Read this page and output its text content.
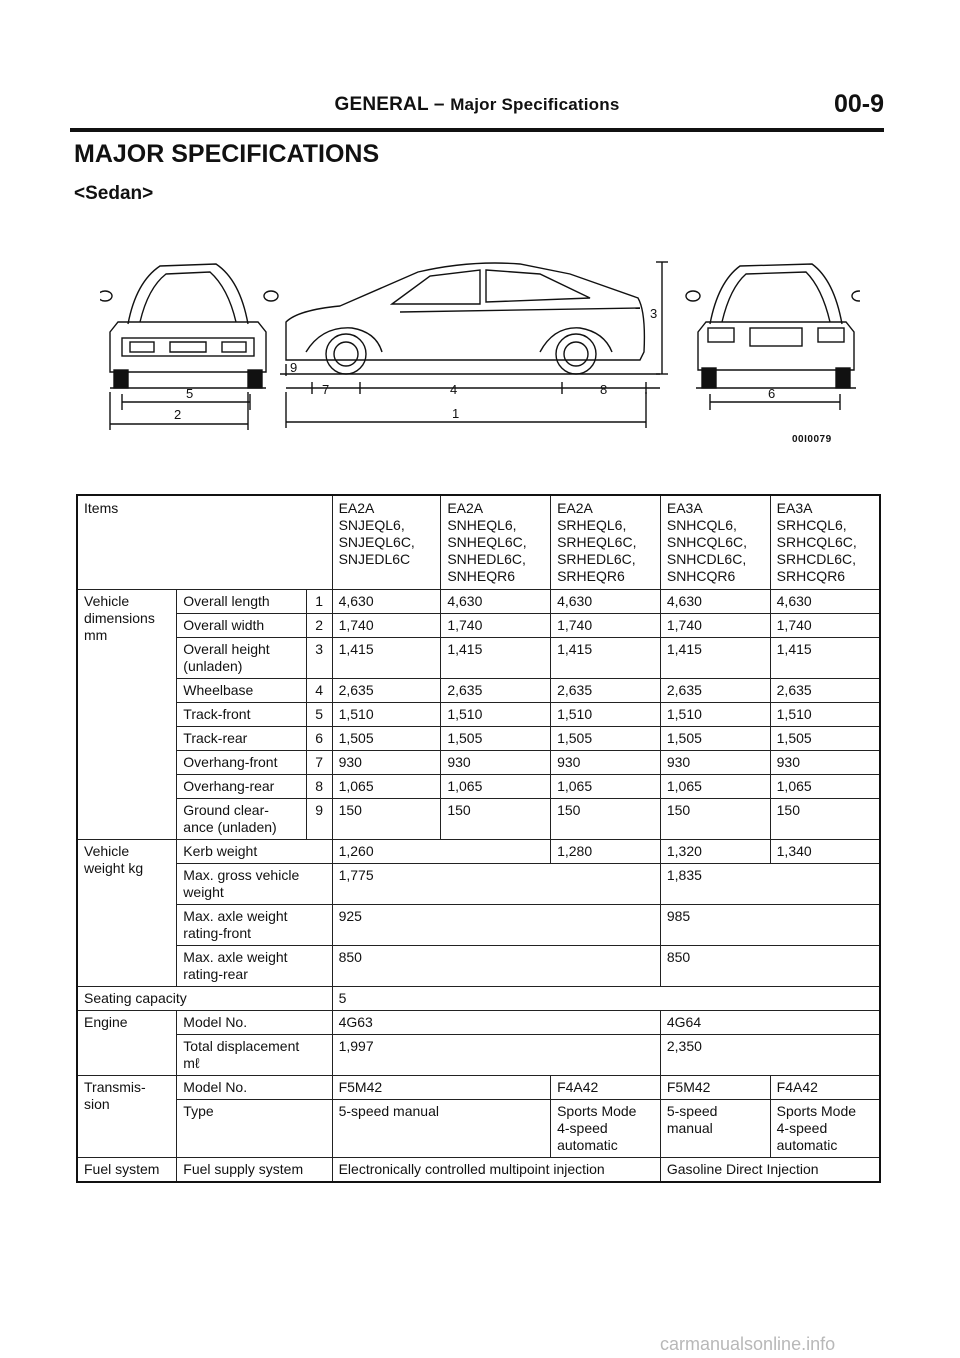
GENERAL – Major Specifications	00-9
MAJOR SPECIFICATIONS
<Sedan>
5
2
9
7	4	8
1
3
6
00I0079
Items			EA2A
SNJEQL6,
SNJEQL6C,
SNJEDL6C	EA2A
SNHEQL6,
SNHEQL6C,
SNHEDL6C,
SNHEQR6	EA2A
SRHEQL6,
SRHEQL6C,
SRHEDL6C,
SRHEQR6	EA3A
SNHCQL6,
SNHCQL6C,
SNHCDL6C,
SNHCQR6	EA3A
SRHCQL6,
SRHCQL6C,
SRHCDL6C,
SRHCQR6
Vehicle
dimensions
mm	Overall length	1	4,630	4,630	4,630	4,630	4,630
	Overall width	2	1,740	1,740	1,740	1,740	1,740
	Overall height
(unladen)	3	1,415	1,415	1,415	1,415	1,415
	Wheelbase	4	2,635	2,635	2,635	2,635	2,635
	Track-front	5	1,510	1,510	1,510	1,510	1,510
	Track-rear	6	1,505	1,505	1,505	1,505	1,505
	Overhang-front	7	930	930	930	930	930
	Overhang-rear	8	1,065	1,065	1,065	1,065	1,065
	Ground clear-
ance (unladen)	9	150	150	150	150	150
Vehicle
weight kg	Kerb weight		1,260		1,280	1,320	1,340
	Max. gross vehicle
weight		1,775			1,835	
	Max. axle weight
rating-front		925			985	
	Max. axle weight
rating-rear		850			850	
Seating capacity			5				
Engine	Model No.		4G63			4G64	
	Total displacement
mℓ		1,997			2,350	
Transmis-
sion	Model No.		F5M42		F4A42	F5M42	F4A42
	Type		5-speed manual		Sports Mode
4-speed
automatic	5-speed
manual	Sports Mode
4-speed
automatic
Fuel system	Fuel supply system		Electronically controlled multipoint injection			Gasoline Direct Injection	
carmanualsonline.info
